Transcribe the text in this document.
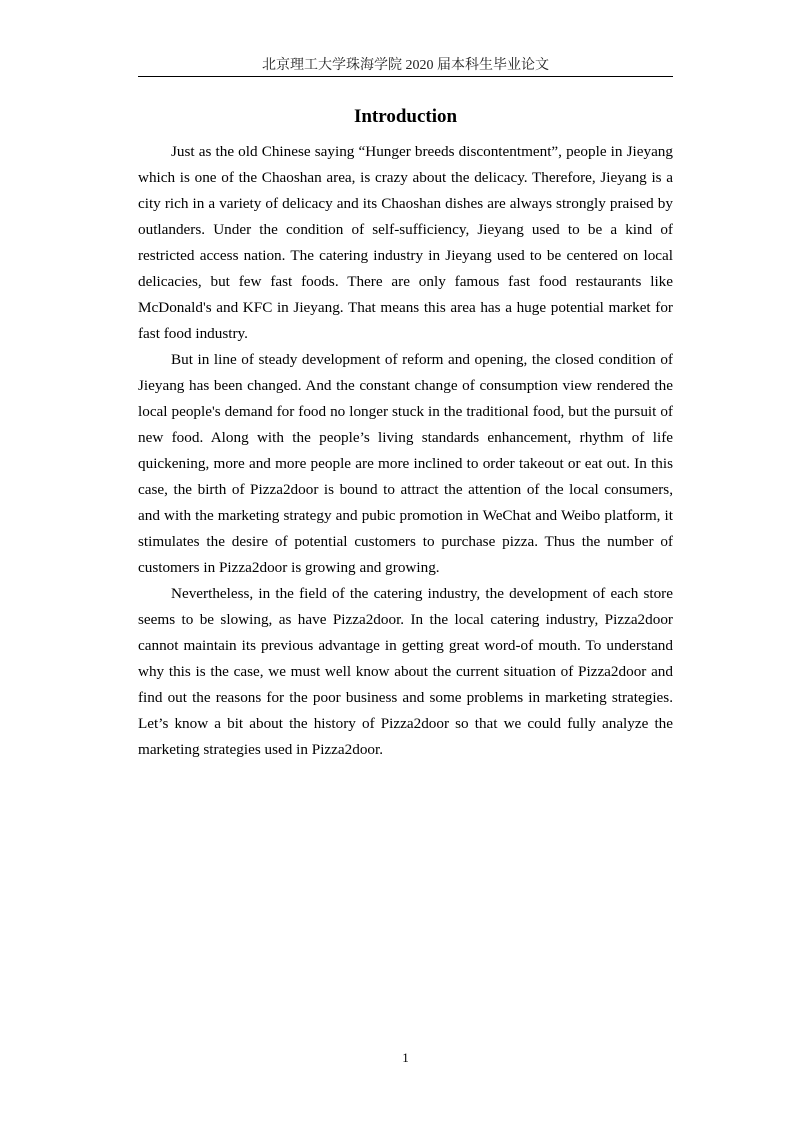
北京理工大学珠海学院 2020 届本科生毕业论文
Introduction

Just as the old Chinese saying “Hunger breeds discontentment”, people in Jieyang which is one of the Chaoshan area, is crazy about the delicacy. Therefore, Jieyang is a city rich in a variety of delicacy and its Chaoshan dishes are always strongly praised by outlanders. Under the condition of self-sufficiency, Jieyang used to be a kind of restricted access nation. The catering industry in Jieyang used to be centered on local delicacies, but few fast foods. There are only famous fast food restaurants like McDonald's and KFC in Jieyang. That means this area has a huge potential market for fast food industry.

But in line of steady development of reform and opening, the closed condition of Jieyang has been changed. And the constant change of consumption view rendered the local people's demand for food no longer stuck in the traditional food, but the pursuit of new food. Along with the people’s living standards enhancement, rhythm of life quickening, more and more people are more inclined to order takeout or eat out. In this case, the birth of Pizza2door is bound to attract the attention of the local consumers, and with the marketing strategy and pubic promotion in WeChat and Weibo platform, it stimulates the desire of potential customers to purchase pizza. Thus the number of customers in Pizza2door is growing and growing.

Nevertheless, in the field of the catering industry, the development of each store seems to be slowing, as have Pizza2door. In the local catering industry, Pizza2door cannot maintain its previous advantage in getting great word-of mouth. To understand why this is the case, we must well know about the current situation of Pizza2door and find out the reasons for the poor business and some problems in marketing strategies. Let’s know a bit about the history of Pizza2door so that we could fully analyze the marketing strategies used in Pizza2door.

1
